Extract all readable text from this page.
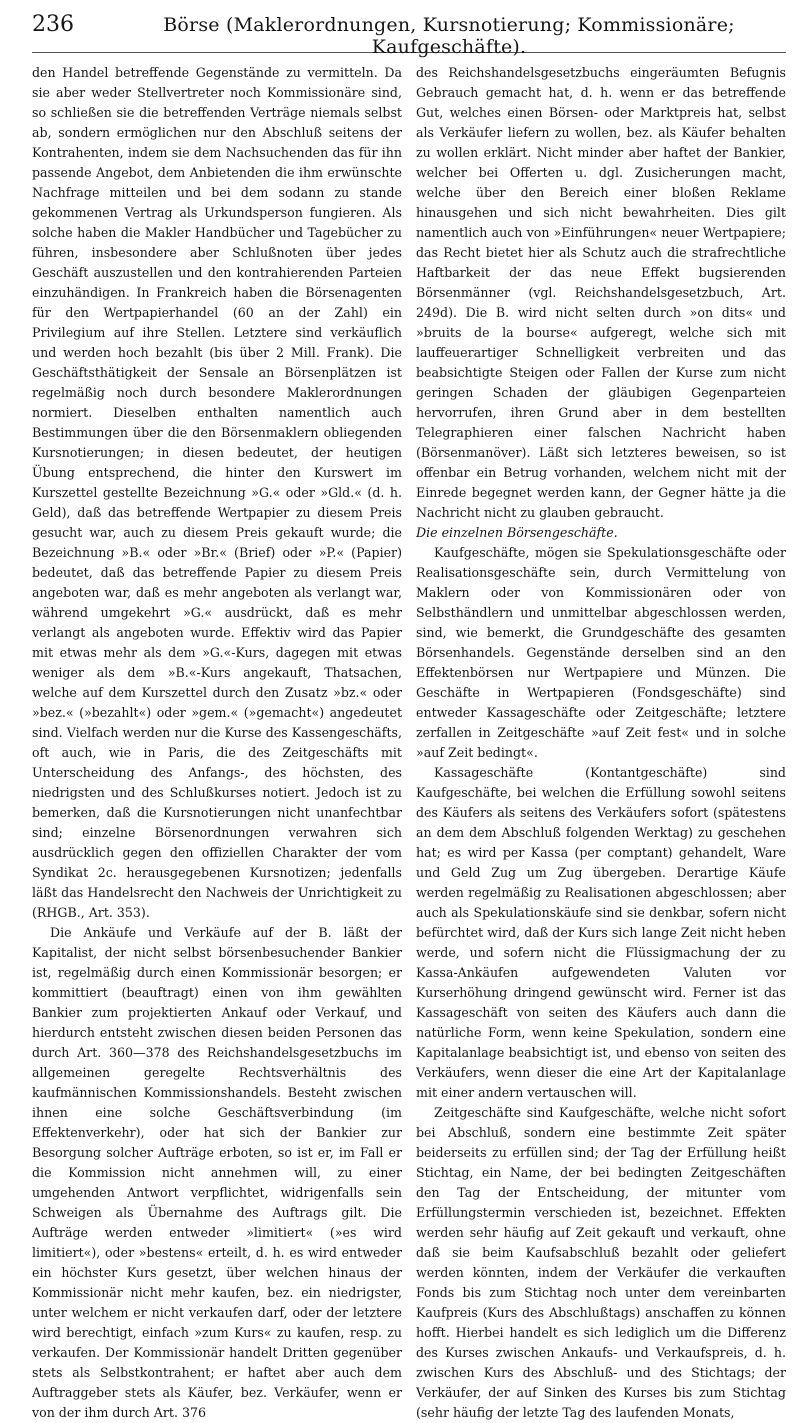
236	Börse (Maklerordnungen, Kursnotierung; Kommissionäre; Kaufgeschäfte).

den Handel betreffende Gegenstände zu vermitteln. Da sie aber weder Stellvertreter noch Kommissionäre sind, so schließen sie die betreffenden Verträge niemals selbst ab, sondern ermöglichen nur den Abschluß seitens der Kontrahenten, indem sie dem Nachsuchenden das für ihn passende Angebot, dem Anbietenden die ihm erwünschte Nachfrage mitteilen und bei dem sodann zu stande gekommenen Vertrag als Urkundsperson fungieren. Als solche haben die Makler Handbücher und Tagebücher zu führen, insbesondere aber Schlußnoten über jedes Geschäft auszustellen und den kontrahierenden Parteien einzuhändigen. In Frankreich haben die Börsenagenten für den Wertpapierhandel (60 an der Zahl) ein Privilegium auf ihre Stellen. Letztere sind verkäuflich und werden hoch bezahlt (bis über 2 Mill. Frank). Die Geschäftsthätigkeit der Sensale an Börsenplätzen ist regelmäßig noch durch besondere Maklerordnungen normiert. Dieselben enthalten namentlich auch Bestimmungen über die den Börsenmaklern obliegenden Kursnotierungen; in diesen bedeutet, der heutigen Übung entsprechend, die hinter den Kurswert im Kurszettel gestellte Bezeichnung »G.« oder »Gld.« (d. h. Geld), daß das betreffende Wertpapier zu diesem Preis gesucht war, auch zu diesem Preis gekauft wurde; die Bezeichnung »B.« oder »Br.« (Brief) oder »P.« (Papier) bedeutet, daß das betreffende Papier zu diesem Preis angeboten war, daß es mehr angeboten als verlangt war, während umgekehrt »G.« ausdrückt, daß es mehr verlangt als angeboten wurde. Effektiv wird das Papier mit etwas mehr als dem »G.«-Kurs, dagegen mit etwas weniger als dem »B.«-Kurs angekauft, Thatsachen, welche auf dem Kurszettel durch den Zusatz »bz.« oder »bez.« (»bezahlt«) oder »gem.« (»gemacht«) angedeutet sind. Vielfach werden nur die Kurse des Kassengeschäfts, oft auch, wie in Paris, die des Zeitgeschäfts mit Unterscheidung des Anfangs-, des höchsten, des niedrigsten und des Schlußkurses notiert. Jedoch ist zu bemerken, daß die Kursnotierungen nicht unanfechtbar sind; einzelne Börsenordnungen verwahren sich ausdrücklich gegen den offiziellen Charakter der vom Syndikat 2c. herausgegebenen Kursnotizen; jedenfalls läßt das Handelsrecht den Nachweis der Unrichtigkeit zu (RHGB., Art. 353).

Die Ankäufe und Verkäufe auf der B. läßt der Kapitalist, der nicht selbst börsenbesuchender Bankier ist, regelmäßig durch einen Kommissionär besorgen; er kommittiert (beauftragt) einen von ihm gewählten Bankier zum projektierten Ankauf oder Verkauf, und hierdurch entsteht zwischen diesen beiden Personen das durch Art. 360—378 des Reichshandelsgesetzbuchs im allgemeinen geregelte Rechtsverhältnis des kaufmännischen Kommissionshandels. Besteht zwischen ihnen eine solche Geschäftsverbindung (im Effektenverkehr), oder hat sich der Bankier zur Besorgung solcher Aufträge erboten, so ist er, im Fall er die Kommission nicht annehmen will, zu einer umgehenden Antwort verpflichtet, widrigenfalls sein Schweigen als Übernahme des Auftrags gilt. Die Aufträge werden entweder »limitiert« (»es wird limitiert«), oder »bestens« erteilt, d. h. es wird entweder ein höchster Kurs gesetzt, über welchen hinaus der Kommissionär nicht mehr kaufen, bez. ein niedrigster, unter welchem er nicht verkaufen darf, oder der letztere wird berechtigt, einfach »zum Kurs« zu kaufen, resp. zu verkaufen. Der Kommissionär handelt Dritten gegenüber stets als Selbstkontrahent; er haftet aber auch dem Auftraggeber stets als Käufer, bez. Verkäufer, wenn er von der ihm durch Art. 376

des Reichshandelsgesetzbuchs eingeräumten Befugnis Gebrauch gemacht hat, d. h. wenn er das betreffende Gut, welches einen Börsen- oder Marktpreis hat, selbst als Verkäufer liefern zu wollen, bez. als Käufer behalten zu wollen erklärt. Nicht minder aber haftet der Bankier, welcher bei Offerten u. dgl. Zusicherungen macht, welche über den Bereich einer bloßen Reklame hinausgehen und sich nicht bewahrheiten. Dies gilt namentlich auch von »Einführungen« neuer Wertpapiere; das Recht bietet hier als Schutz auch die strafrechtliche Haftbarkeit der das neue Effekt bugsierenden Börsenmänner (vgl. Reichshandelsgesetzbuch, Art. 249d). Die B. wird nicht selten durch »on dits« und »bruits de la bourse« aufgeregt, welche sich mit lauffeuerartiger Schnelligkeit verbreiten und das beabsichtigte Steigen oder Fallen der Kurse zum nicht geringen Schaden der gläubigen Gegenparteien hervorrufen, ihren Grund aber in dem bestellten Telegraphieren einer falschen Nachricht haben (Börsenmanöver). Läßt sich letzteres beweisen, so ist offenbar ein Betrug vorhanden, welchem nicht mit der Einrede begegnet werden kann, der Gegner hätte ja die Nachricht nicht zu glauben gebraucht.

Die einzelnen Börsengeschäfte.

Kaufgeschäfte, mögen sie Spekulationsgeschäfte oder Realisationsgeschäfte sein, durch Vermittelung von Maklern oder von Kommissionären oder von Selbsthändlern und unmittelbar abgeschlossen werden, sind, wie bemerkt, die Grundgeschäfte des gesamten Börsenhandels. Gegenstände derselben sind an den Effektenbörsen nur Wertpapiere und Münzen. Die Geschäfte in Wertpapieren (Fondsgeschäfte) sind entweder Kassageschäfte oder Zeitgeschäfte; letztere zerfallen in Zeitgeschäfte »auf Zeit fest« und in solche »auf Zeit bedingt«.

Kassageschäfte (Kontantgeschäfte) sind Kaufgeschäfte, bei welchen die Erfüllung sowohl seitens des Käufers als seitens des Verkäufers sofort (spätestens an dem dem Abschluß folgenden Werktag) zu geschehen hat; es wird per Kassa (per comptant) gehandelt, Ware und Geld Zug um Zug übergeben. Derartige Käufe werden regelmäßig zu Realisationen abgeschlossen; aber auch als Spekulationskäufe sind sie denkbar, sofern nicht befürchtet wird, daß der Kurs sich lange Zeit nicht heben werde, und sofern nicht die Flüssigmachung der zu Kassa-Ankäufen aufgewendeten Valuten vor Kurserhöhung dringend gewünscht wird. Ferner ist das Kassageschäft von seiten des Käufers auch dann die natürliche Form, wenn keine Spekulation, sondern eine Kapitalanlage beabsichtigt ist, und ebenso von seiten des Verkäufers, wenn dieser die eine Art der Kapitalanlage mit einer andern vertauschen will.

Zeitgeschäfte sind Kaufgeschäfte, welche nicht sofort bei Abschluß, sondern eine bestimmte Zeit später beiderseits zu erfüllen sind; der Tag der Erfüllung heißt Stichtag, ein Name, der bei bedingten Zeitgeschäften den Tag der Entscheidung, der mitunter vom Erfüllungstermin verschieden ist, bezeichnet. Effekten werden sehr häufig auf Zeit gekauft und verkauft, ohne daß sie beim Kaufsabschluß bezahlt oder geliefert werden könnten, indem der Verkäufer die verkauften Fonds bis zum Stichtag noch unter dem vereinbarten Kaufpreis (Kurs des Abschlußtags) anschaffen zu können hofft. Hierbei handelt es sich lediglich um die Differenz des Kurses zwischen Ankaufs- und Verkaufspreis, d. h. zwischen Kurs des Abschluß- und des Stichtags; der Verkäufer, der auf Sinken des Kurses bis zum Stichtag (sehr häufig der letzte Tag des laufenden Monats,
